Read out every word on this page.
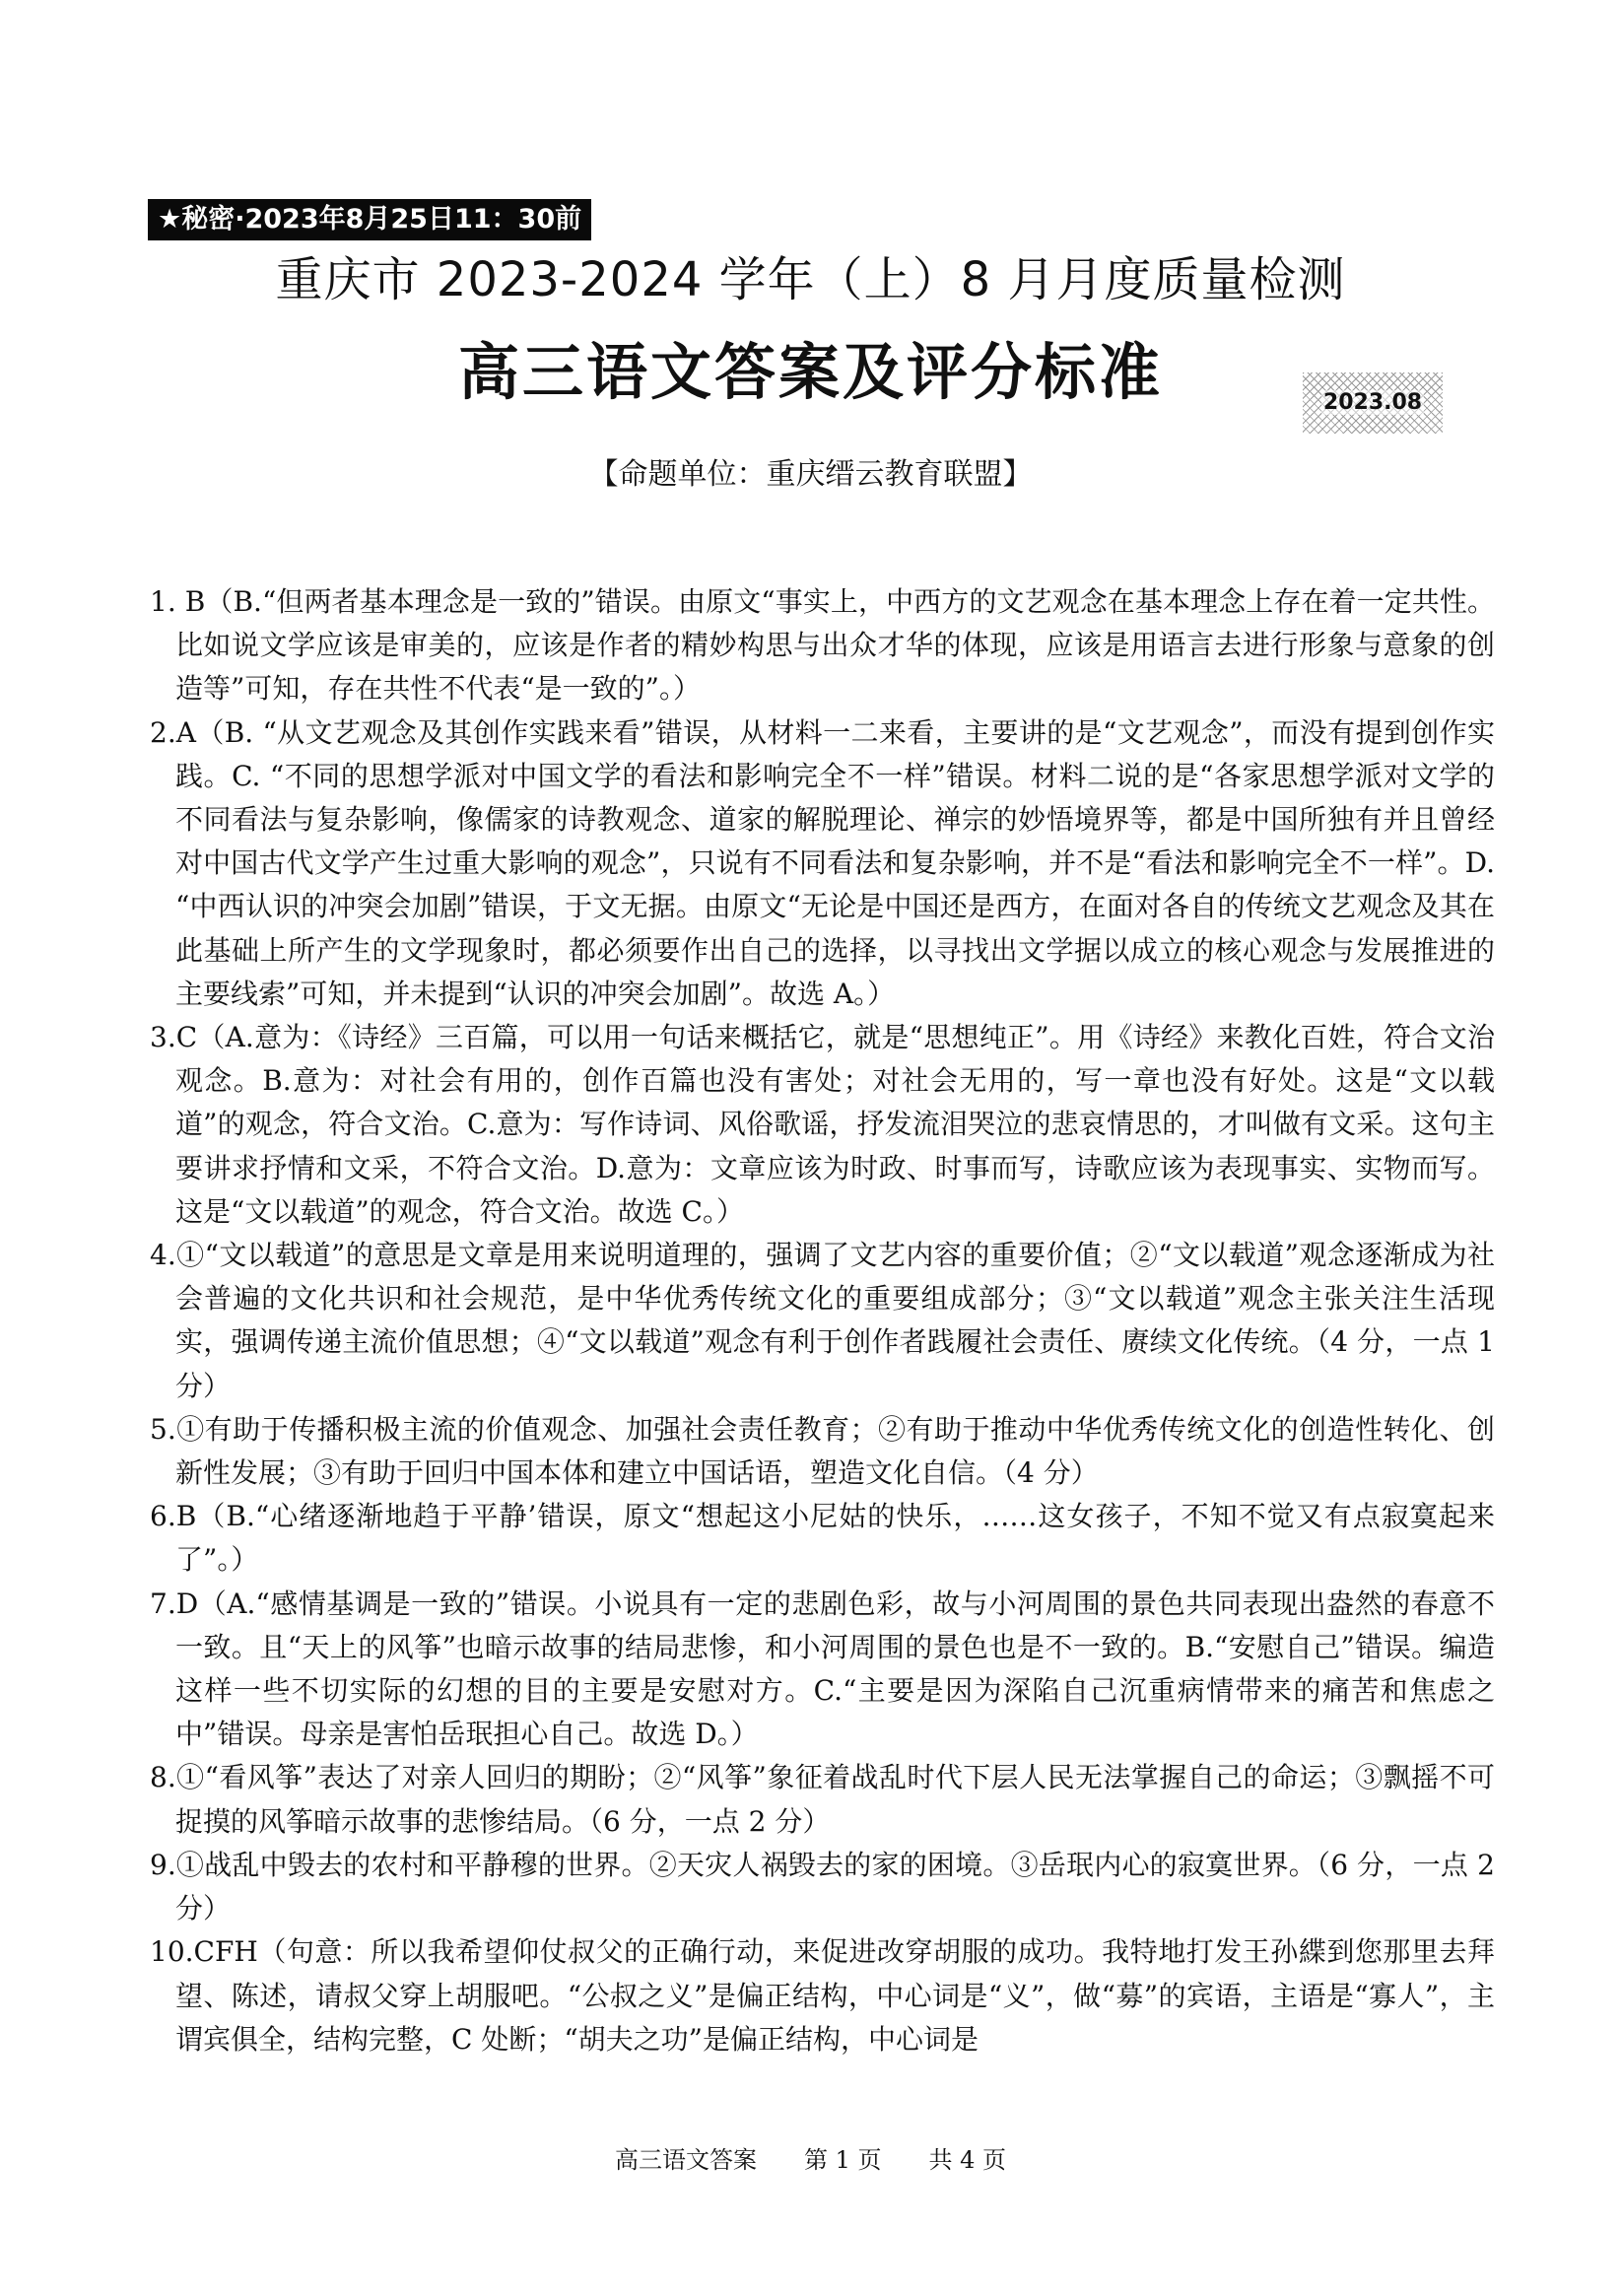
★秘密·2023年8月25日11：30前
重庆市 2023-2024 学年（上）8 月月度质量检测
高三语文答案及评分标准	2023.08
【命题单位：重庆缙云教育联盟】

1. B（B.“但两者基本理念是一致的”错误。由原文“事实上，中西方的文艺观念在基本理念上存在着一定共性。比如说文学应该是审美的，应该是作者的精妙构思与出众才华的体现，应该是用语言去进行形象与意象的创造等”可知，存在共性不代表“是一致的”。）

2.A（B. “从文艺观念及其创作实践来看”错误，从材料一二来看，主要讲的是“文艺观念”，而没有提到创作实践。C. “不同的思想学派对中国文学的看法和影响完全不一样”错误。材料二说的是“各家思想学派对文学的不同看法与复杂影响，像儒家的诗教观念、道家的解脱理论、禅宗的妙悟境界等，都是中国所独有并且曾经对中国古代文学产生过重大影响的观念”，只说有不同看法和复杂影响，并不是“看法和影响完全不一样”。D. “中西认识的冲突会加剧”错误，于文无据。由原文“无论是中国还是西方，在面对各自的传统文艺观念及其在此基础上所产生的文学现象时，都必须要作出自己的选择，以寻找出文学据以成立的核心观念与发展推进的主要线索”可知，并未提到“认识的冲突会加剧”。故选 A。）

3.C（A.意为：《诗经》三百篇，可以用一句话来概括它，就是“思想纯正”。用《诗经》来教化百姓，符合文治观念。B.意为：对社会有用的，创作百篇也没有害处；对社会无用的，写一章也没有好处。这是“文以载道”的观念，符合文治。C.意为：写作诗词、风俗歌谣，抒发流泪哭泣的悲哀情思的，才叫做有文采。这句主要讲求抒情和文采，不符合文治。D.意为：文章应该为时政、时事而写，诗歌应该为表现事实、实物而写。这是“文以载道”的观念，符合文治。故选 C。）

4.①“文以载道”的意思是文章是用来说明道理的，强调了文艺内容的重要价值；②“文以载道”观念逐渐成为社会普遍的文化共识和社会规范，是中华优秀传统文化的重要组成部分；③“文以载道”观念主张关注生活现实，强调传递主流价值思想；④“文以载道”观念有利于创作者践履社会责任、赓续文化传统。（4 分，一点 1 分）

5.①有助于传播积极主流的价值观念、加强社会责任教育；②有助于推动中华优秀传统文化的创造性转化、创新性发展；③有助于回归中国本体和建立中国话语，塑造文化自信。（4 分）

6.B（B.“心绪逐渐地趋于平静’错误，原文“想起这小尼姑的快乐，……这女孩子，不知不觉又有点寂寞起来了”。）

7.D（A.“感情基调是一致的”错误。小说具有一定的悲剧色彩，故与小河周围的景色共同表现出盎然的春意不一致。且“天上的风筝”也暗示故事的结局悲惨，和小河周围的景色也是不一致的。B.“安慰自己”错误。编造这样一些不切实际的幻想的目的主要是安慰对方。C.“主要是因为深陷自己沉重病情带来的痛苦和焦虑之中”错误。母亲是害怕岳珉担心自己。故选 D。）

8.①“看风筝”表达了对亲人回归的期盼；②“风筝”象征着战乱时代下层人民无法掌握自己的命运；③飘摇不可捉摸的风筝暗示故事的悲惨结局。（6 分，一点 2 分）

9.①战乱中毁去的农村和平静穆的世界。②天灾人祸毁去的家的困境。③岳珉内心的寂寞世界。（6 分，一点 2 分）

10.CFH（句意：所以我希望仰仗叔父的正确行动，来促进改穿胡服的成功。我特地打发王孙緤到您那里去拜望、陈述，请叔父穿上胡服吧。“公叔之义”是偏正结构，中心词是“义”，做“募”的宾语，主语是“寡人”，主谓宾俱全，结构完整，C 处断；“胡夫之功”是偏正结构，中心词是

高三语文答案　　第 1 页　　共 4 页
